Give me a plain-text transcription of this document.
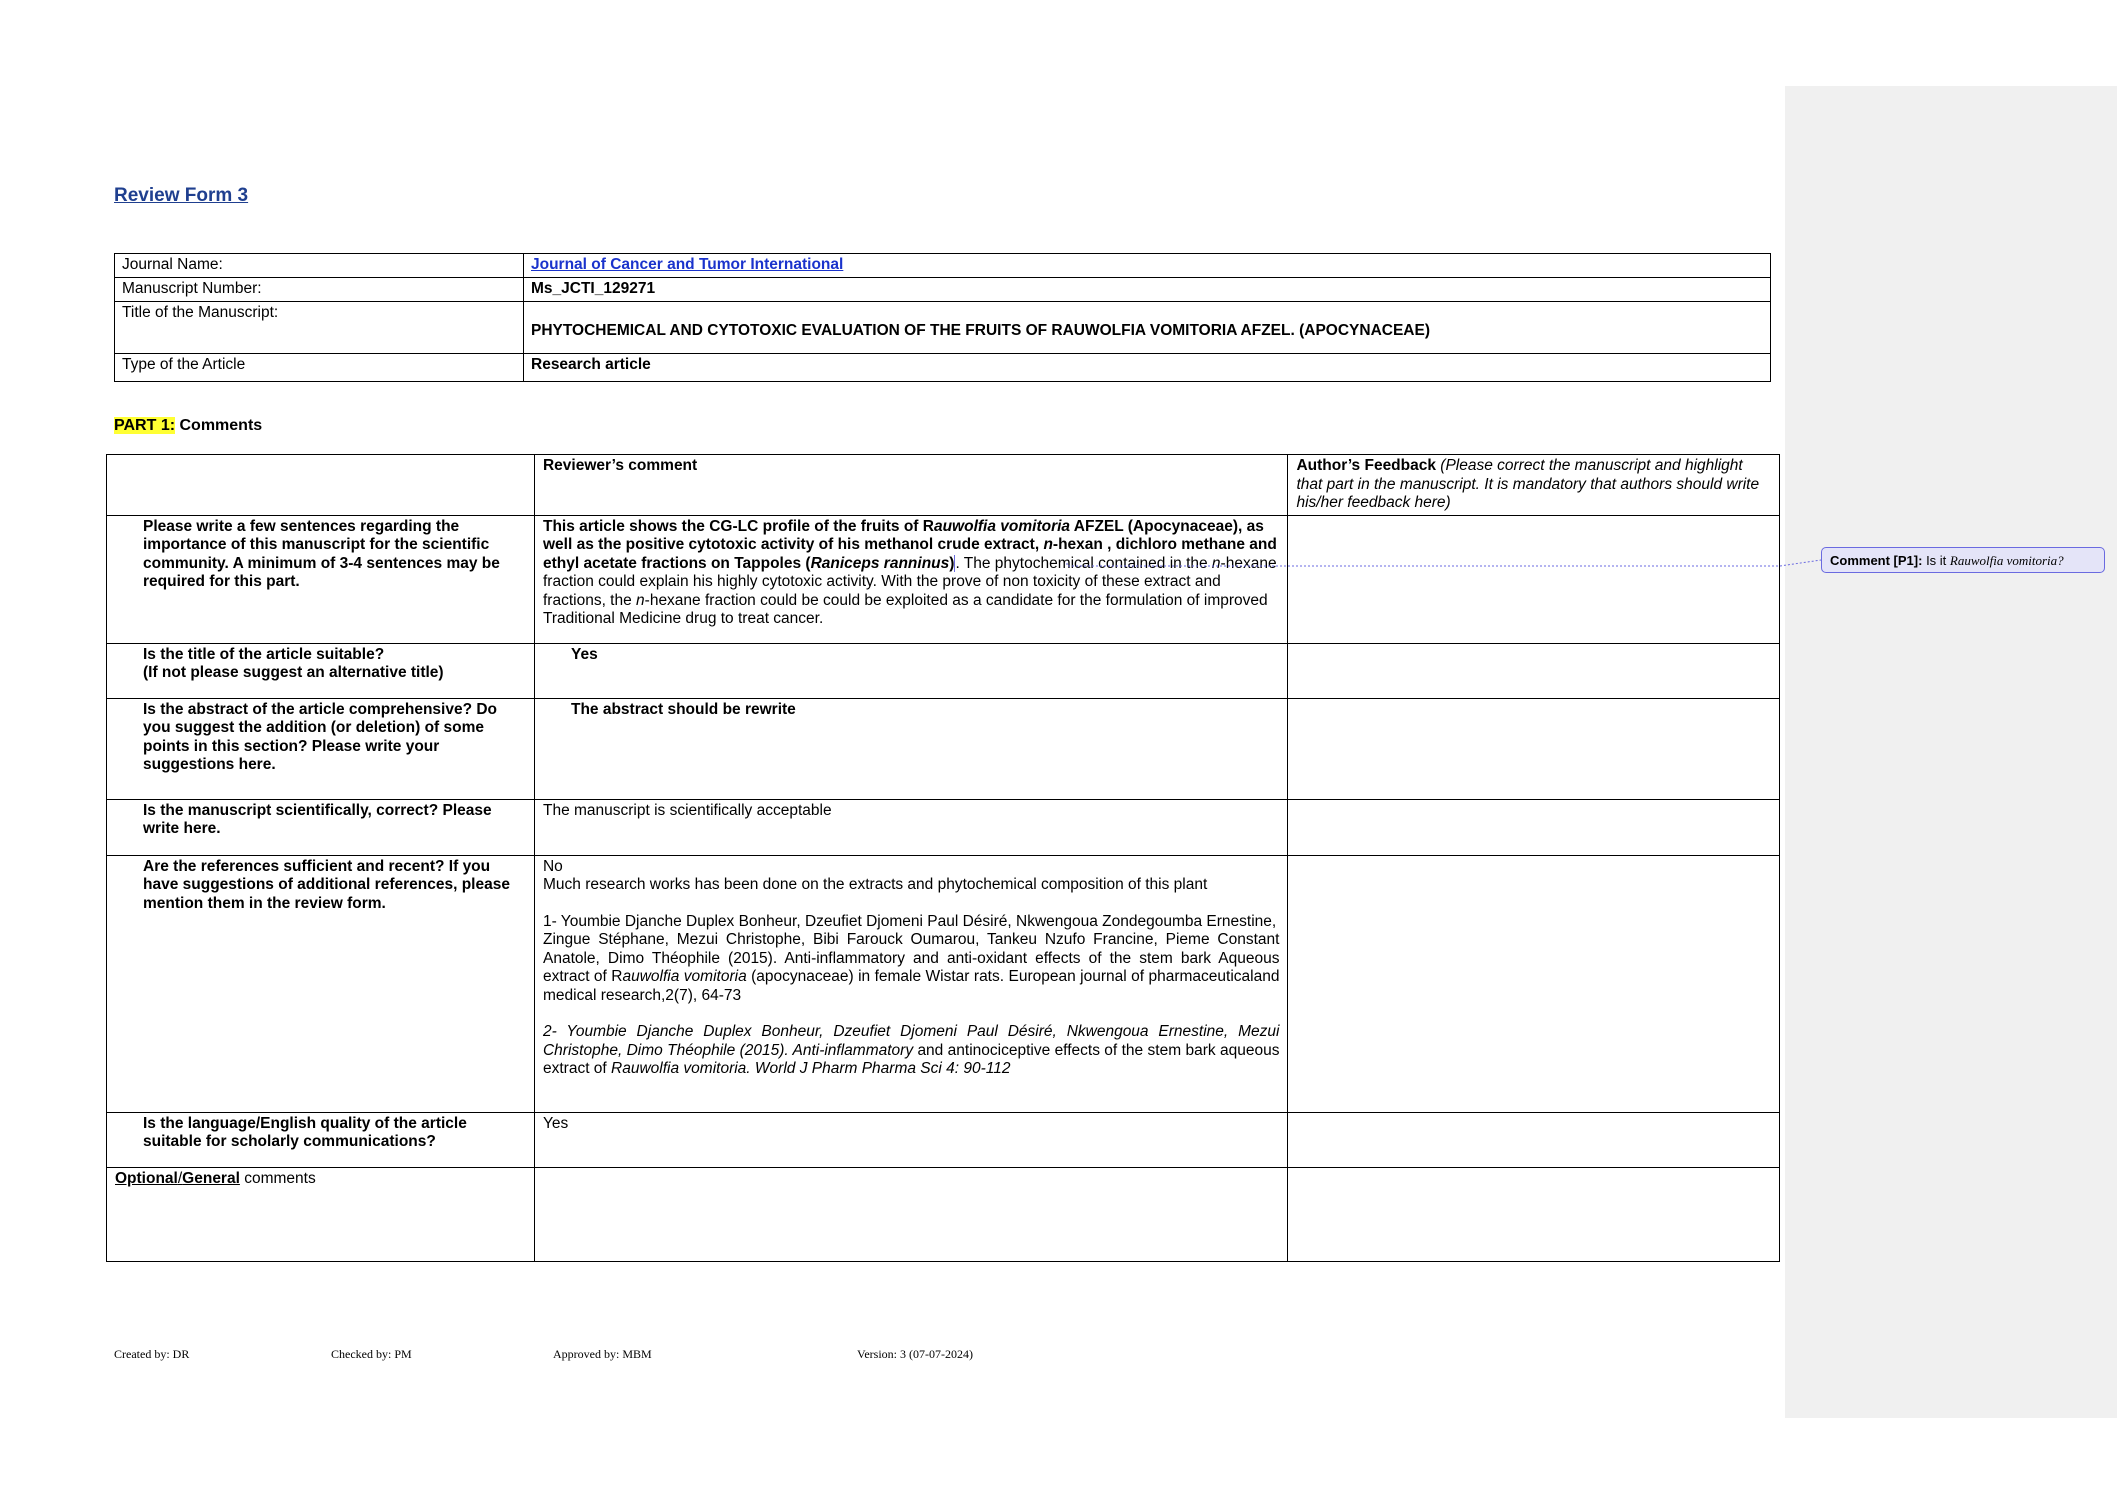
Review Form 3
Journal Name:	Journal of Cancer and Tumor International
Manuscript Number:	Ms_JCTI_129271
Title of the Manuscript:	PHYTOCHEMICAL AND CYTOTOXIC EVALUATION OF THE FRUITS OF RAUWOLFIA VOMITORIA AFZEL. (APOCYNACEAE)
Type of the Article	Research article
PART 1: Comments
	Reviewer’s comment	Author’s Feedback (Please correct the manuscript and highlight that part in the manuscript. It is mandatory that authors should write his/her feedback here)
Please write a few sentences regarding the importance of this manuscript for the scientific community. A minimum of 3-4 sentences may be required for this part.	This article shows the CG-LC profile of the fruits of Rauwolfia vomitoria AFZEL (Apocynaceae), as well as the positive cytotoxic activity of his methanol crude extract, n-hexan , dichloro methane and ethyl acetate fractions on Tappoles (Raniceps ranninus). The phytochemical contained in the n-hexane fraction could explain his highly cytotoxic activity. With the prove of non toxicity of these extract and fractions, the n-hexane fraction could be could be exploited as a candidate for the formulation of improved Traditional Medicine drug to treat cancer.	
Is the title of the article suitable?
(If not please suggest an alternative title)	Yes	
Is the abstract of the article comprehensive? Do you suggest the addition (or deletion) of some points in this section? Please write your suggestions here.	The abstract should be rewrite	
Is the manuscript scientifically, correct? Please write here.	The manuscript is scientifically acceptable	
Are the references sufficient and recent? If you have suggestions of additional references, please mention them in the review form.	No
Much research works has been done on the extracts and phytochemical composition of this plant
1- Youmbie Djanche Duplex Bonheur, Dzeufiet Djomeni Paul Désiré, Nkwengoua Zondegoumba Ernestine,
Zingue Stéphane, Mezui Christophe, Bibi Farouck Oumarou, Tankeu Nzufo Francine, Pieme Constant Anatole, Dimo Théophile (2015). Anti-inflammatory and anti-oxidant effects of the stem bark Aqueous extract of Rauwolfia vomitoria (apocynaceae) in female Wistar rats. European journal of pharmaceuticaland medical research,2(7), 64-73
2- Youmbie Djanche Duplex Bonheur, Dzeufiet Djomeni Paul Désiré, Nkwengoua Ernestine, Mezui Christophe, Dimo Théophile (2015). Anti-inflammatory and antinociceptive effects of the stem bark aqueous extract of Rauwolfia vomitoria. World J Pharm Pharma Sci 4: 90-112	

Is the language/English quality of the article suitable for scholarly communications?	Yes	
Optional/General comments		
Created by: DR	Checked by: PM	Approved by: MBM	Version: 3 (07-07-2024)
Comment [P1]: Is it Rauwolfia vomitoria?
